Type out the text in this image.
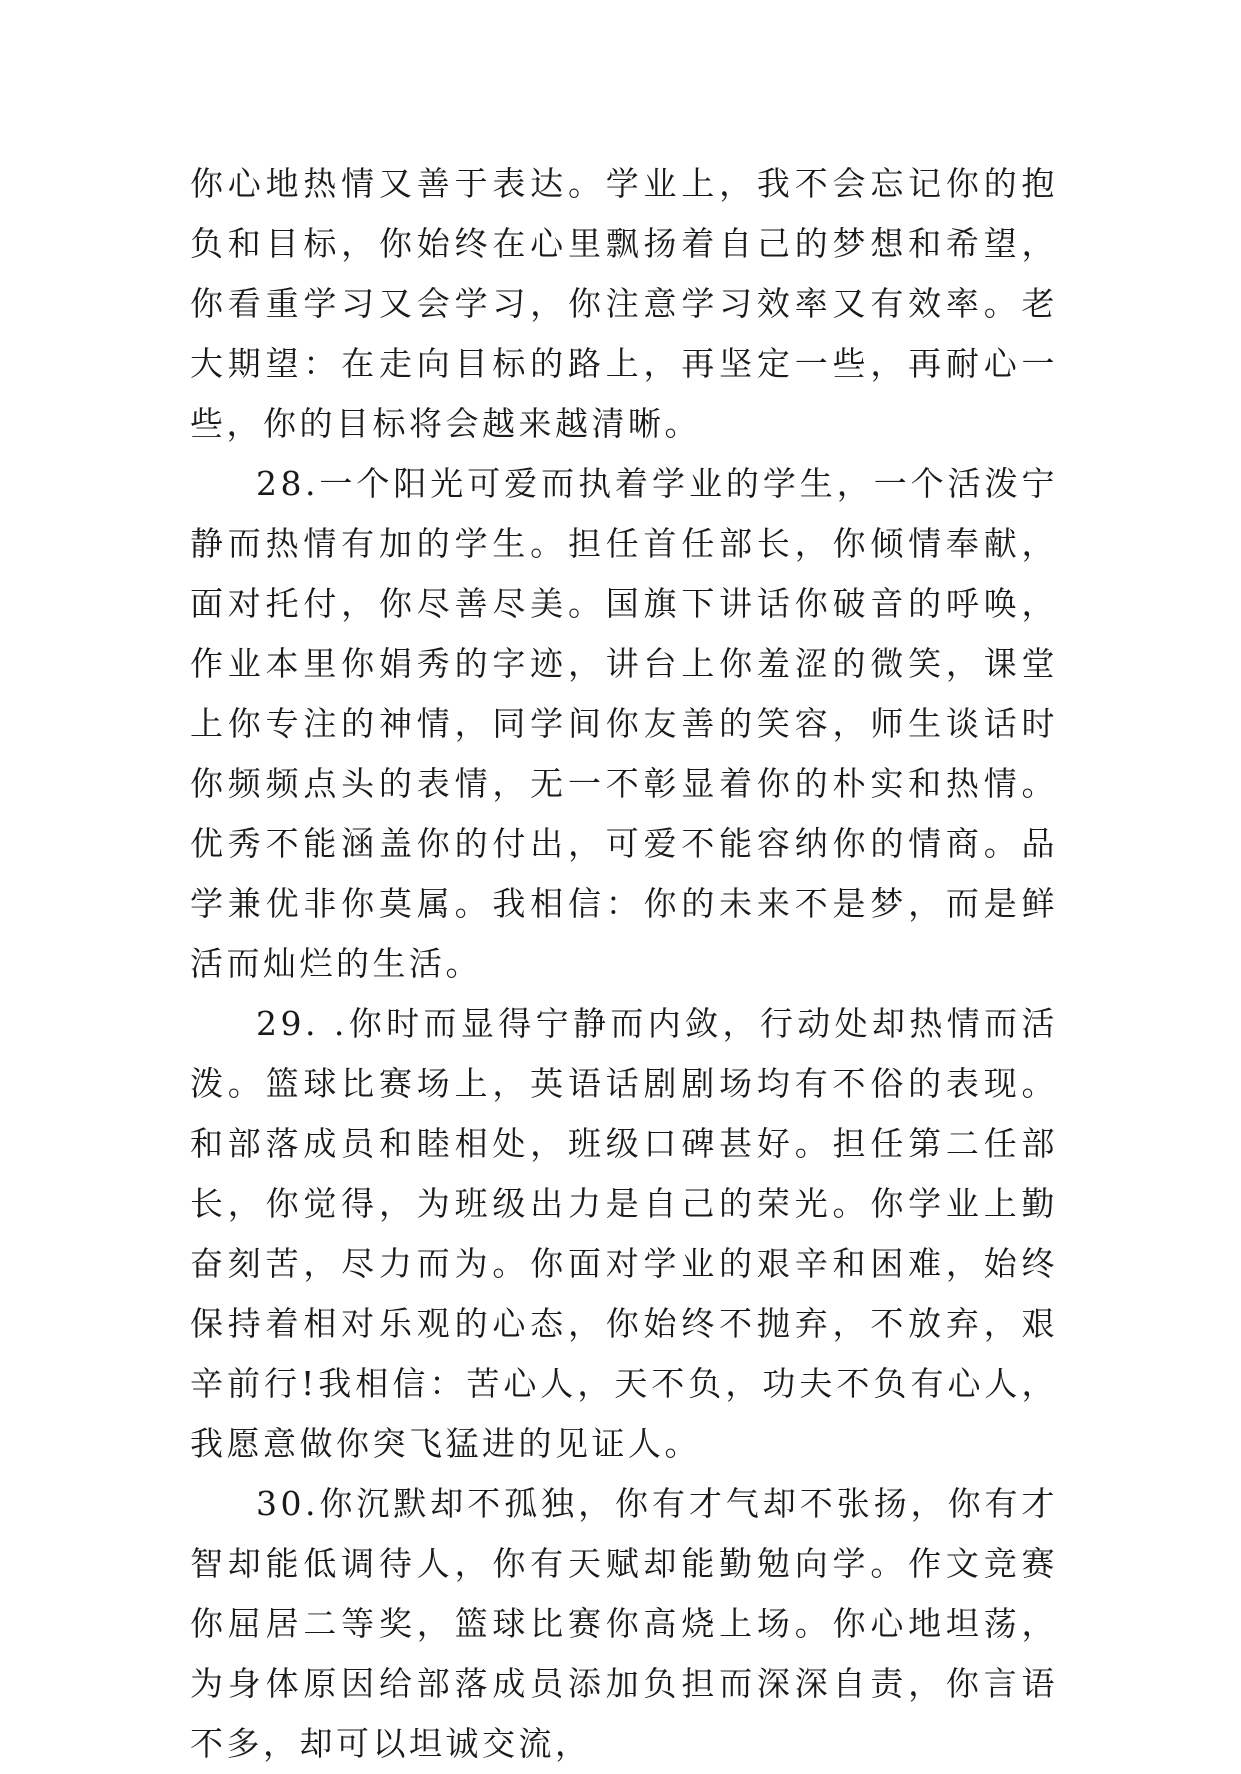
你心地热情又善于表达。学业上，我不会忘记你的抱负和目标，你始终在心里飘扬着自己的梦想和希望，你看重学习又会学习，你注意学习效率又有效率。老大期望：在走向目标的路上，再坚定一些，再耐心一些，你的目标将会越来越清晰。

28.一个阳光可爱而执着学业的学生，一个活泼宁静而热情有加的学生。担任首任部长，你倾情奉献，面对托付，你尽善尽美。国旗下讲话你破音的呼唤，作业本里你娟秀的字迹，讲台上你羞涩的微笑，课堂上你专注的神情，同学间你友善的笑容，师生谈话时你频频点头的表情，无一不彰显着你的朴实和热情。优秀不能涵盖你的付出，可爱不能容纳你的情商。品学兼优非你莫属。我相信：你的未来不是梦，而是鲜活而灿烂的生活。

29. .你时而显得宁静而内敛，行动处却热情而活泼。篮球比赛场上，英语话剧剧场均有不俗的表现。和部落成员和睦相处，班级口碑甚好。担任第二任部长，你觉得，为班级出力是自己的荣光。你学业上勤奋刻苦，尽力而为。你面对学业的艰辛和困难，始终保持着相对乐观的心态，你始终不抛弃，不放弃，艰辛前行!我相信：苦心人，天不负，功夫不负有心人，我愿意做你突飞猛进的见证人。

30.你沉默却不孤独，你有才气却不张扬，你有才智却能低调待人，你有天赋却能勤勉向学。作文竞赛你屈居二等奖，篮球比赛你高烧上场。你心地坦荡，为身体原因给部落成员添加负担而深深自责，你言语不多，却可以坦诚交流，
